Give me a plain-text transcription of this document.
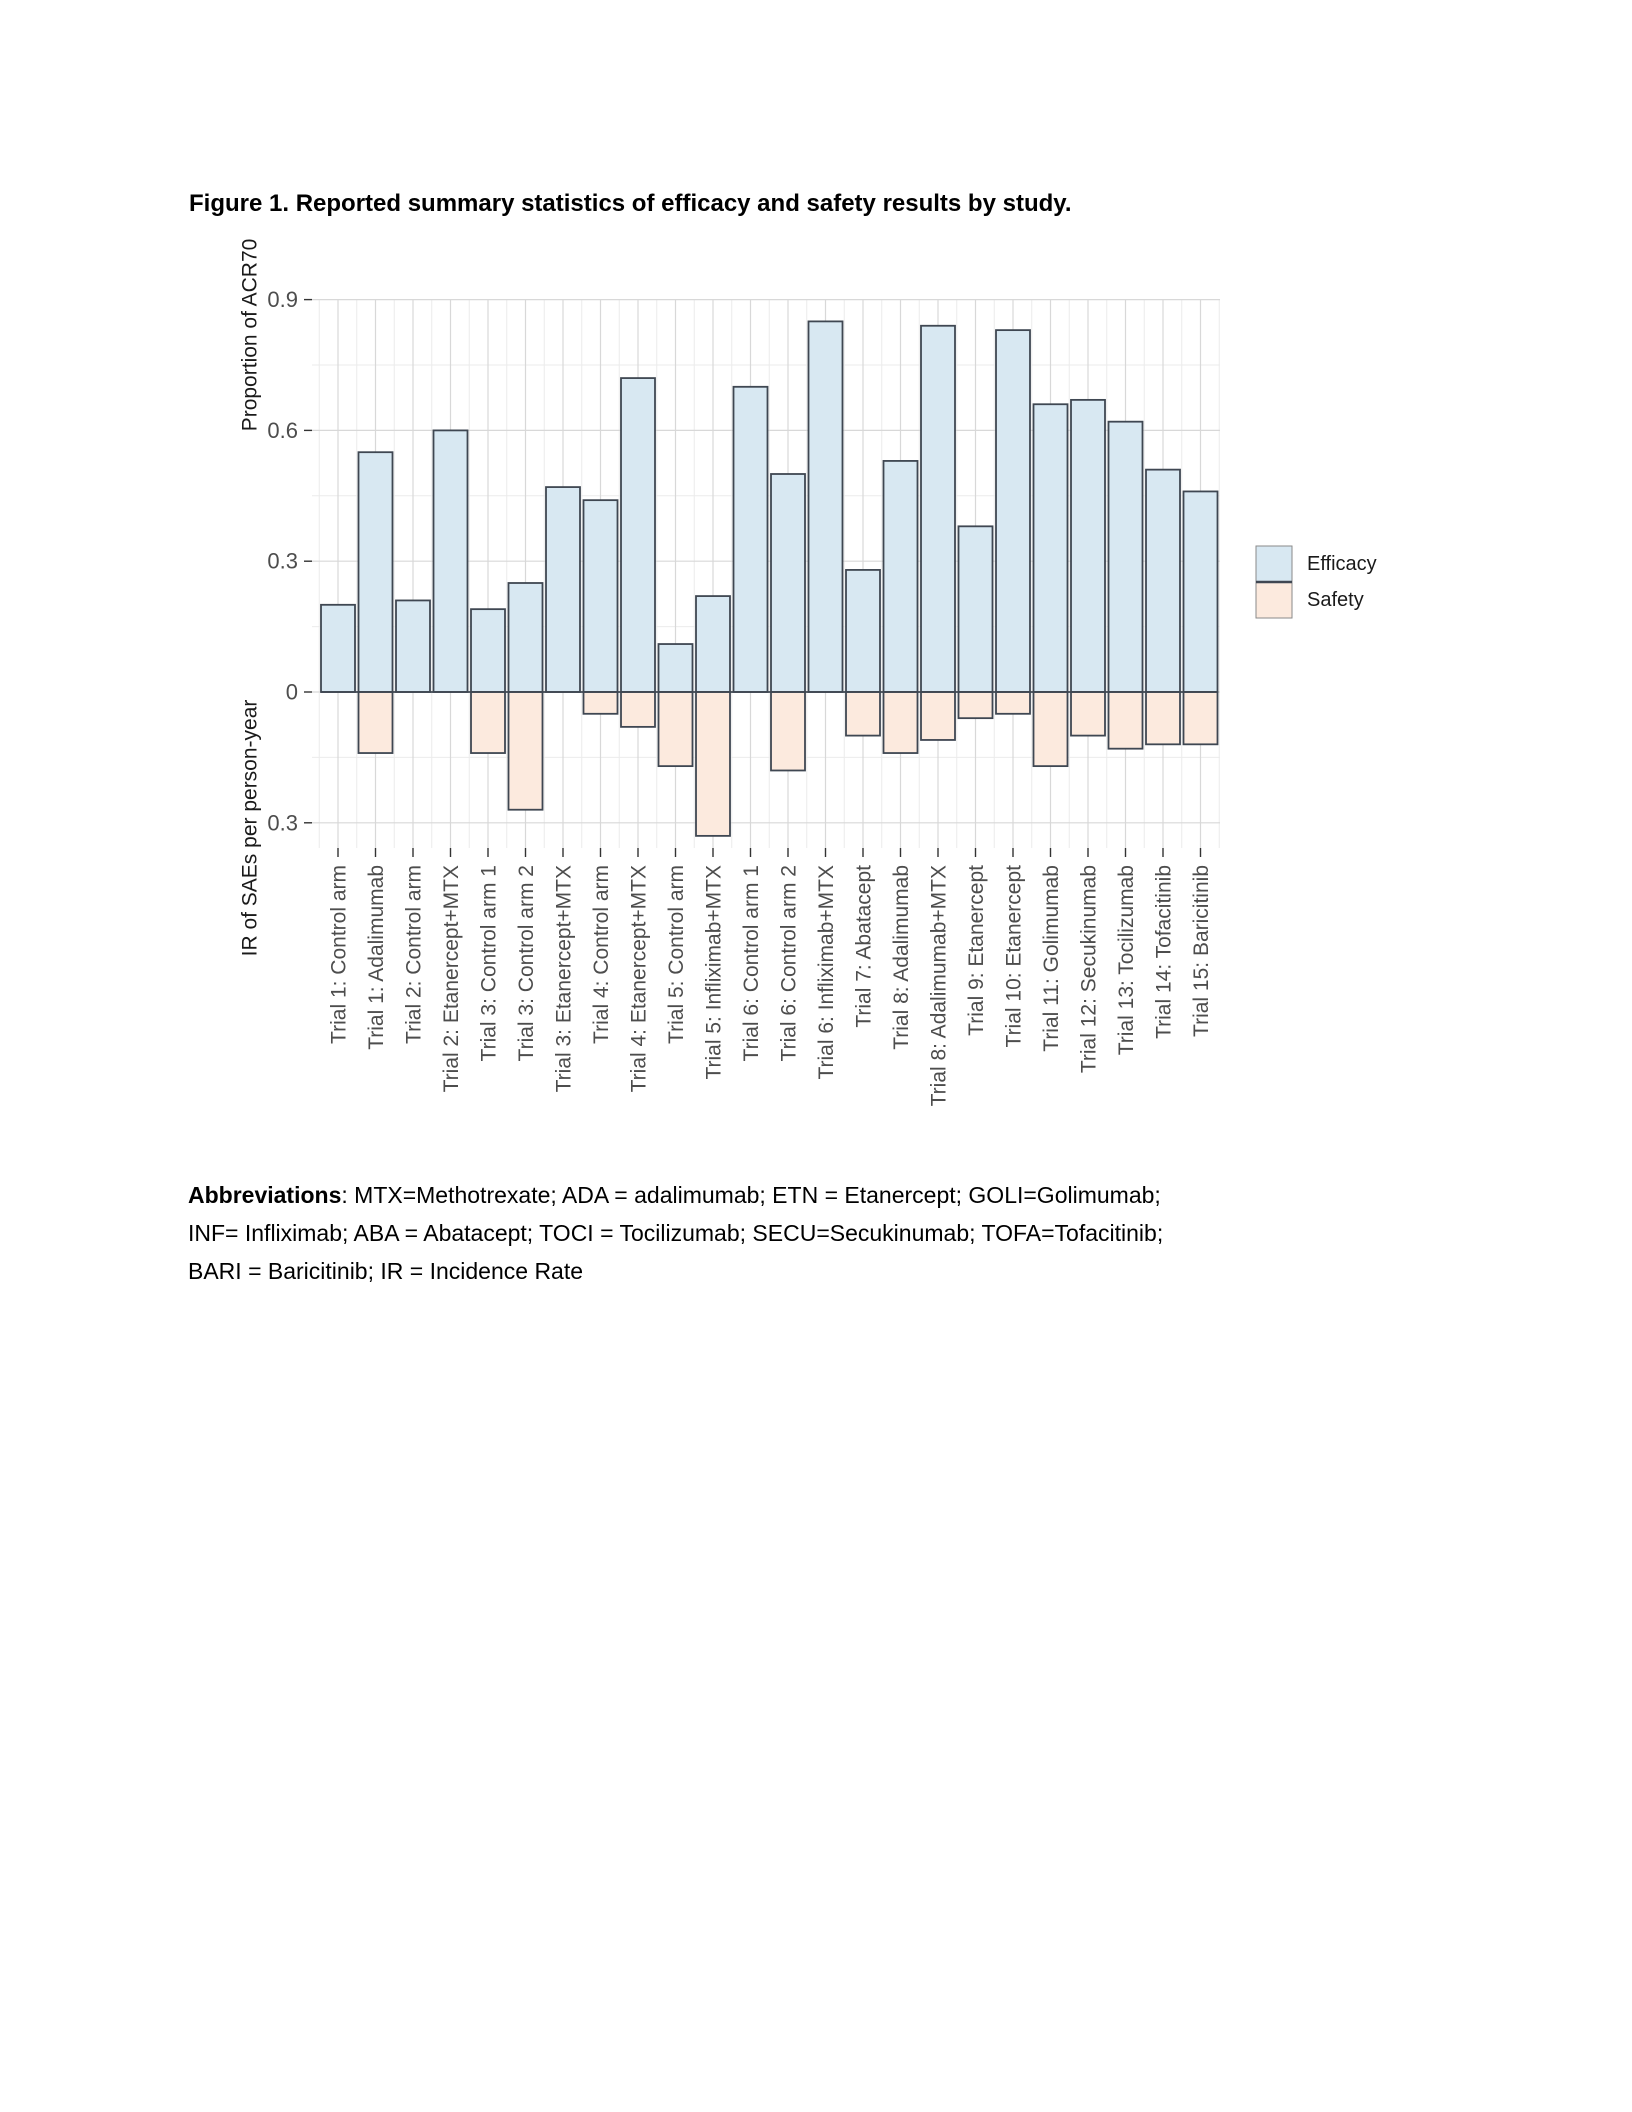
Figure 1. Reported summary statistics of efficacy and safety results by study.
0.9
0.6
0.3
0
0.3
Trial 1: Control arm Trial 1: Adalimumab Trial 2: Control arm Trial 2: Etanercept+MTX Trial 3: Control arm 1 Trial 3: Control arm 2 Trial 3: Etanercept+MTX Trial 4: Control arm Trial 4: Etanercept+MTX Trial 5: Control arm Trial 5: Infliximab+MTX Trial 6: Control arm 1 Trial 6: Control arm 2 Trial 6: Infliximab+MTX Trial 7: Abatacept Trial 8: Adalimumab Trial 8: Adalimumab+MTX Trial 9: Etanercept Trial 10: Etanercept Trial 11: Golimumab Trial 12: Secukinumab Trial 13: Tocilizumab Trial 14: Tofacitinib Trial 15: Baricitinib
Proportion of ACR70
IR of SAEs per person-year
Efficacy
Safety
Abbreviations: MTX=Methotrexate; ADA = adalimumab; ETN = Etanercept; GOLI=Golimumab;
INF= Infliximab; ABA = Abatacept; TOCI = Tocilizumab; SECU=Secukinumab; TOFA=Tofacitinib;
BARI = Baricitinib; IR = Incidence Rate
